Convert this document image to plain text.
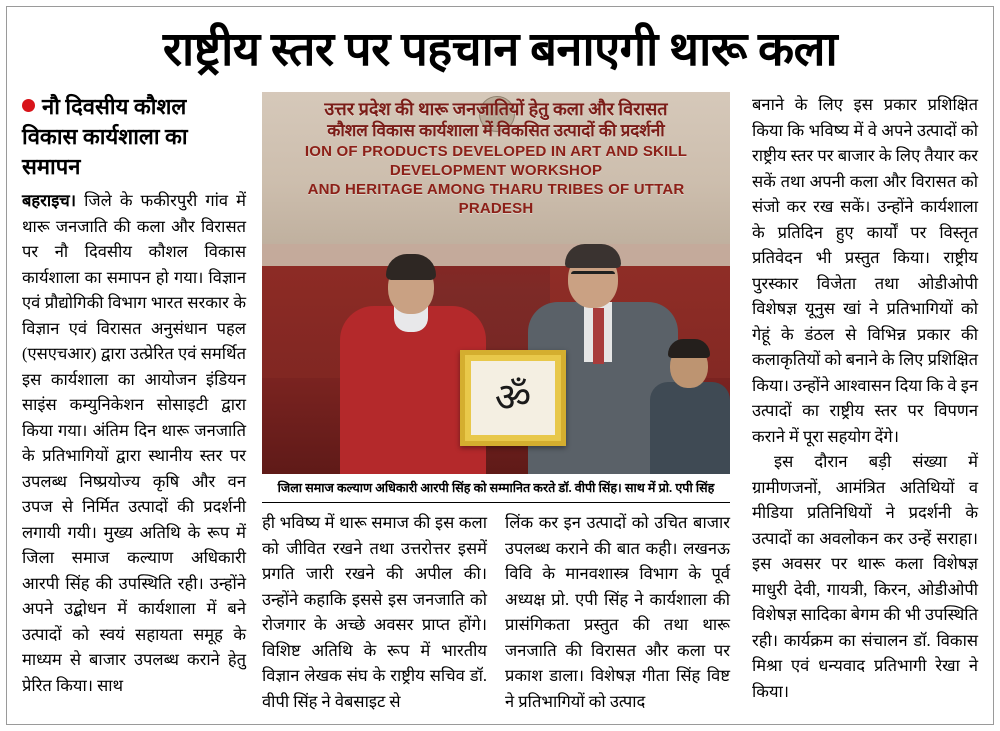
राष्ट्रीय स्तर पर पहचान बनाएगी थारू कला
नौ दिवसीय कौशल विकास कार्यशाला का समापन

बहराइच। जिले के फकीरपुरी गांव में थारू जनजाति की कला और विरासत पर नौ दिवसीय कौशल विकास कार्यशाला का समापन हो गया। विज्ञान एवं प्रौद्योगिकी विभाग भारत सरकार के विज्ञान एवं विरासत अनुसंधान पहल (एसएचआर) द्वारा उत्प्रेरित एवं समर्थित इस कार्यशाला का आयोजन इंडियन साइंस कम्युनिकेशन सोसाइटी द्वारा किया गया। अंतिम दिन थारू जनजाति के प्रतिभागियों द्वारा स्थानीय स्तर पर उपलब्ध निष्प्रयोज्य कृषि और वन उपज से निर्मित उत्पादों की प्रदर्शनी लगायी गयी। मुख्य अतिथि के रूप में जिला समाज कल्याण अधिकारी आरपी सिंह की उपस्थिति रही। उन्होंने अपने उद्बोधन में कार्यशाला में बने उत्पादों को स्वयं सहायता समूह के माध्यम से बाजार उपलब्ध कराने हेतु प्रेरित किया। साथ

उत्तर प्रदेश की थारू जनजातियों हेतु कला और विरासत
कौशल विकास कार्यशाला में विकसित उत्पादों की प्रदर्शनी
ION OF PRODUCTS DEVELOPED IN ART AND SKILL DEVELOPMENT WORKSHOP
AND HERITAGE AMONG THARU TRIBES OF UTTAR PRADESH
ॐ
जिला समाज कल्याण अधिकारी आरपी सिंह को सम्मानित करते डॉ. वीपी सिंह। साथ में प्रो. एपी सिंह

ही भविष्य में थारू समाज की इस कला को जीवित रखने तथा उत्तरोत्तर इसमें प्रगति जारी रखने की अपील की। उन्होंने कहाकि इससे इस जनजाति को रोजगार के अच्छे अवसर प्राप्त होंगे। विशिष्ट अतिथि के रूप में भारतीय विज्ञान लेखक संघ के राष्ट्रीय सचिव डॉ. वीपी सिंह ने वेबसाइट से

लिंक कर इन उत्पादों को उचित बाजार उपलब्ध कराने की बात कही। लखनऊ विवि के मानवशास्त्र विभाग के पूर्व अध्यक्ष प्रो. एपी सिंह ने कार्यशाला की प्रासंगिकता प्रस्तुत की तथा थारू जनजाति की विरासत और कला पर प्रकाश डाला। विशेषज्ञ गीता सिंह विष्ट ने प्रतिभागियों को उत्पाद

बनाने के लिए इस प्रकार प्रशिक्षित किया कि भविष्य में वे अपने उत्पादों को राष्ट्रीय स्तर पर बाजार के लिए तैयार कर सकें तथा अपनी कला और विरासत को संजो कर रख सकें। उन्होंने कार्यशाला के प्रतिदिन हुए कार्यों पर विस्तृत प्रतिवेदन भी प्रस्तुत किया। राष्ट्रीय पुरस्कार विजेता तथा ओडीओपी विशेषज्ञ यूनुस खां ने प्रतिभागियों को गेहूं के डंठल से विभिन्न प्रकार की कलाकृतियों को बनाने के लिए प्रशिक्षित किया। उन्होंने आश्वासन दिया कि वे इन उत्पादों का राष्ट्रीय स्तर पर विपणन कराने में पूरा सहयोग देंगे।

इस दौरान बड़ी संख्या में ग्रामीणजनों, आमंत्रित अतिथियों व मीडिया प्रतिनिधियों ने प्रदर्शनी के उत्पादों का अवलोकन कर उन्हें सराहा। इस अवसर पर थारू कला विशेषज्ञ माधुरी देवी, गायत्री, किरन, ओडीओपी विशेषज्ञ सादिका बेगम की भी उपस्थिति रही। कार्यक्रम का संचालन डॉ. विकास मिश्रा एवं धन्यवाद प्रतिभागी रेखा ने किया।
